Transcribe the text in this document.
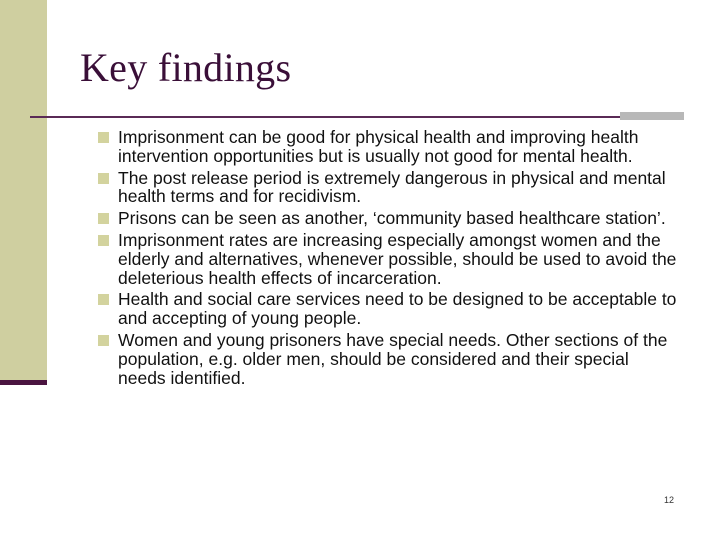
Key findings
Imprisonment can be good for physical health and improving health intervention opportunities but is usually not good for mental health.
The post release period is extremely dangerous in physical and mental health terms and for recidivism.
Prisons can be seen as another, ‘community based healthcare station’.
Imprisonment rates are increasing especially amongst women and the elderly and alternatives, whenever possible, should be used to avoid the deleterious health effects of incarceration.
Health and social care services need to be designed to be acceptable to and accepting of young people.
Women and young prisoners have special needs. Other sections of the population, e.g. older men, should be considered and their special needs identified.
12
